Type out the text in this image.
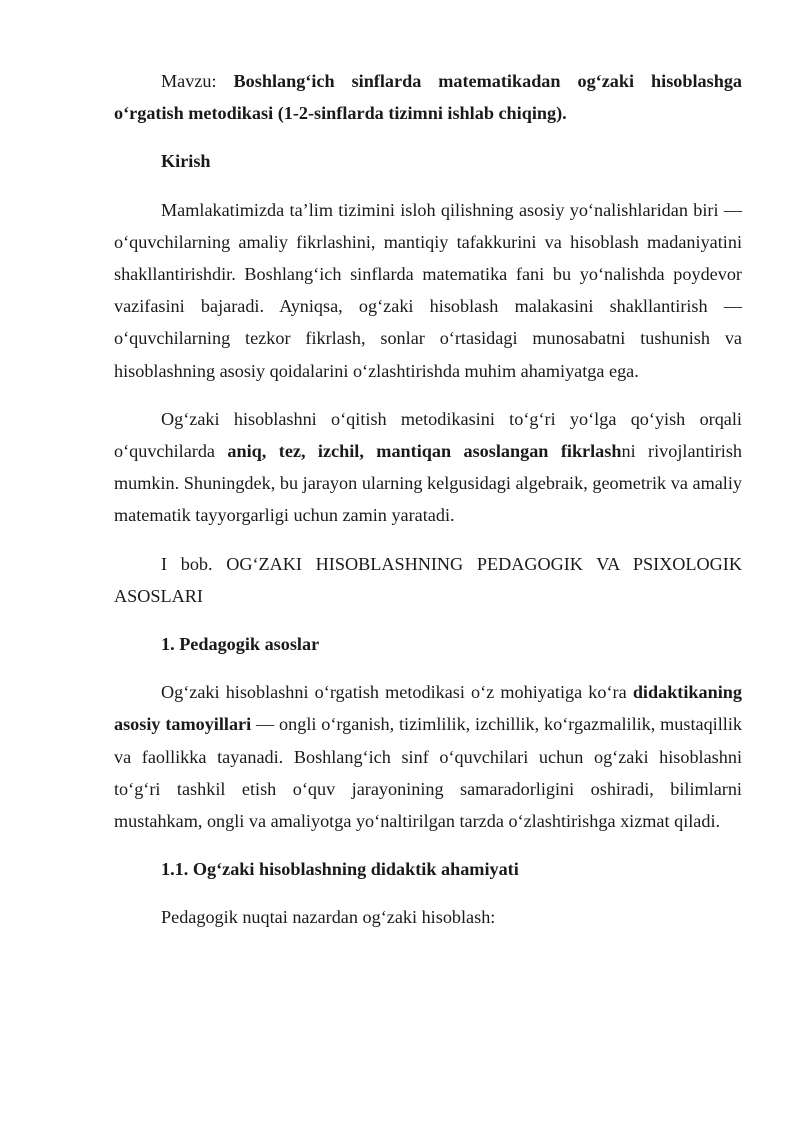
Mavzu: Boshlang‘ich sinflarda matematikadan og‘zaki hisoblashga o‘rgatish metodikasi (1-2-sinflarda tizimni ishlab chiqing).

Kirish

Mamlakatimizda ta’lim tizimini isloh qilishning asosiy yo‘nalishlaridan biri — o‘quvchilarning amaliy fikrlashini, mantiqiy tafakkurini va hisoblash madaniyatini shakllantirishdir. Boshlang‘ich sinflarda matematika fani bu yo‘nalishda poydevor vazifasini bajaradi. Ayniqsa, og‘zaki hisoblash malakasini shakllantirish — o‘quvchilarning tezkor fikrlash, sonlar o‘rtasidagi munosabatni tushunish va hisoblashning asosiy qoidalarini o‘zlashtirishda muhim ahamiyatga ega.

Og‘zaki hisoblashni o‘qitish metodikasini to‘g‘ri yo‘lga qo‘yish orqali o‘quvchilarda aniq, tez, izchil, mantiqan asoslangan fikrlashni rivojlantirish mumkin. Shuningdek, bu jarayon ularning kelgusidagi algebraik, geometrik va amaliy matematik tayyorgarligi uchun zamin yaratadi.

I bob. OG‘ZAKI HISOBLASHNING PEDAGOGIK VA PSIXOLOGIK ASOSLARI

1. Pedagogik asoslar

Og‘zaki hisoblashni o‘rgatish metodikasi o‘z mohiyatiga ko‘ra didaktikaning asosiy tamoyillari — ongli o‘rganish, tizimlilik, izchillik, ko‘rgazmalilik, mustaqillik va faollikka tayanadi. Boshlang‘ich sinf o‘quvchilari uchun og‘zaki hisoblashni to‘g‘ri tashkil etish o‘quv jarayonining samaradorligini oshiradi, bilimlarni mustahkam, ongli va amaliyotga yo‘naltirilgan tarzda o‘zlashtirishga xizmat qiladi.

1.1. Og‘zaki hisoblashning didaktik ahamiyati

Pedagogik nuqtai nazardan og‘zaki hisoblash:
